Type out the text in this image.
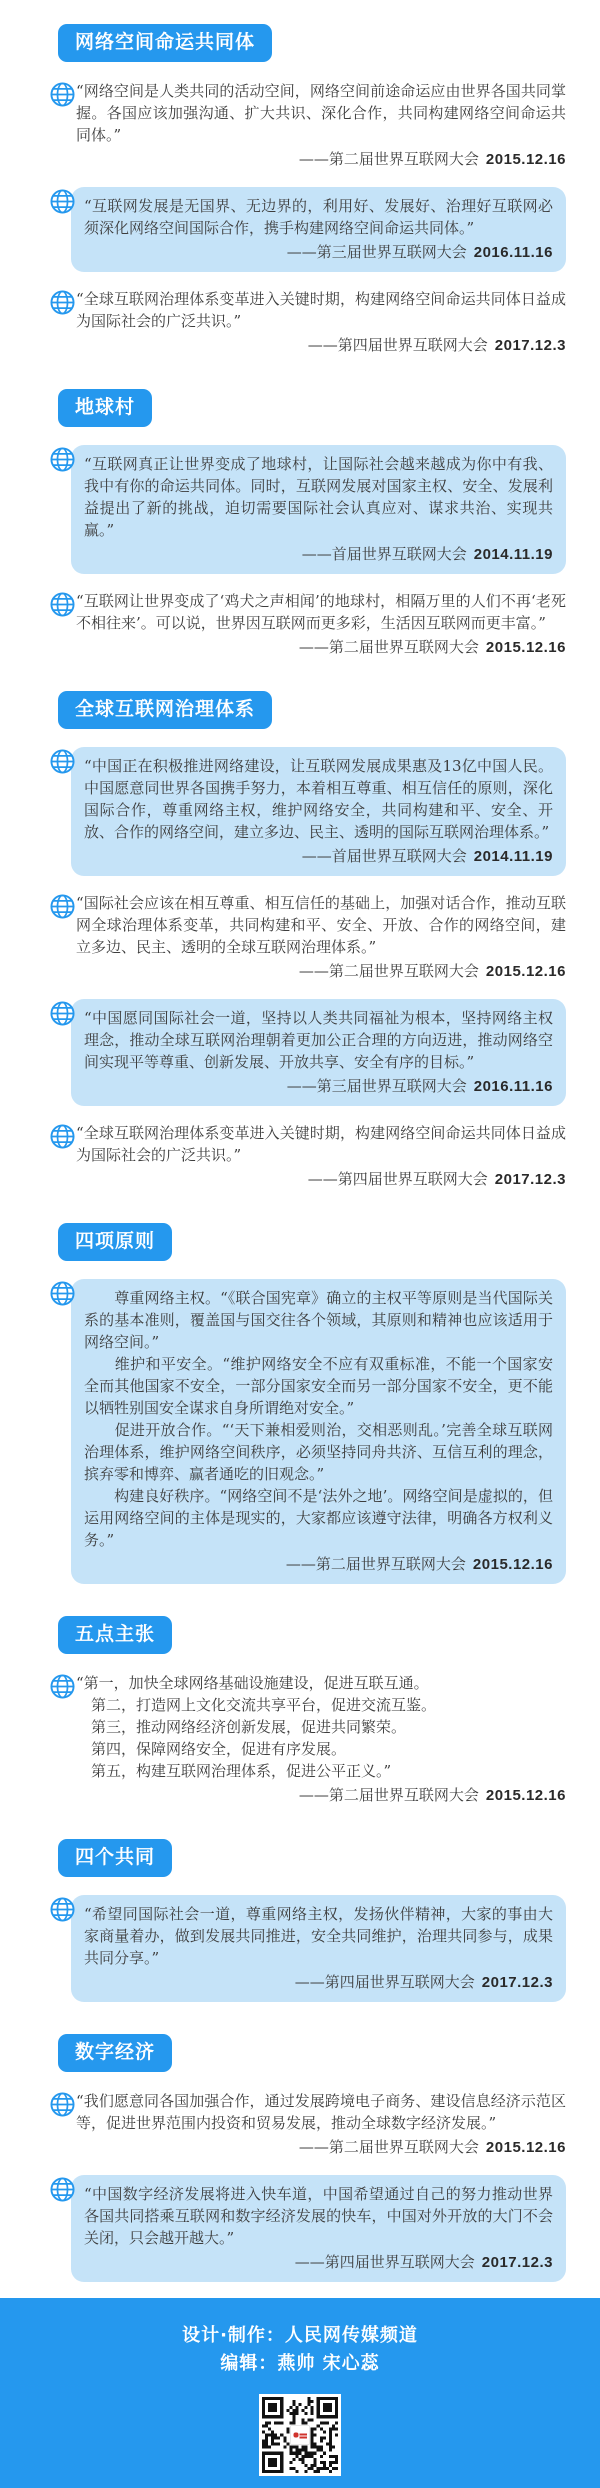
网络空间命运共同体

“网络空间是人类共同的活动空间，网络空间前途命运应由世界各国共同掌握。各国应该加强沟通、扩大共识、深化合作，共同构建网络空间命运共同体。”

——第二届世界互联网大会 2015.12.16

“互联网发展是无国界、无边界的，利用好、发展好、治理好互联网必须深化网络空间国际合作，携手构建网络空间命运共同体。”

——第三届世界互联网大会 2016.11.16

“全球互联网治理体系变革进入关键时期，构建网络空间命运共同体日益成为国际社会的广泛共识。”

——第四届世界互联网大会 2017.12.3
地球村

“互联网真正让世界变成了地球村，让国际社会越来越成为你中有我、我中有你的命运共同体。同时，互联网发展对国家主权、安全、发展利益提出了新的挑战，迫切需要国际社会认真应对、谋求共治、实现共赢。”

——首届世界互联网大会 2014.11.19

“互联网让世界变成了‘鸡犬之声相闻’的地球村，相隔万里的人们不再‘老死不相往来’。可以说，世界因互联网而更多彩，生活因互联网而更丰富。”

——第二届世界互联网大会 2015.12.16
全球互联网治理体系

“中国正在积极推进网络建设，让互联网发展成果惠及13亿中国人民。中国愿意同世界各国携手努力，本着相互尊重、相互信任的原则，深化国际合作，尊重网络主权，维护网络安全，共同构建和平、安全、开放、合作的网络空间，建立多边、民主、透明的国际互联网治理体系。”

——首届世界互联网大会 2014.11.19

“国际社会应该在相互尊重、相互信任的基础上，加强对话合作，推动互联网全球治理体系变革，共同构建和平、安全、开放、合作的网络空间，建立多边、民主、透明的全球互联网治理体系。”

——第二届世界互联网大会 2015.12.16

“中国愿同国际社会一道，坚持以人类共同福祉为根本，坚持网络主权理念，推动全球互联网治理朝着更加公正合理的方向迈进，推动网络空间实现平等尊重、创新发展、开放共享、安全有序的目标。”

——第三届世界互联网大会 2016.11.16

“全球互联网治理体系变革进入关键时期，构建网络空间命运共同体日益成为国际社会的广泛共识。”

——第四届世界互联网大会 2017.12.3
四项原则

　　尊重网络主权。“《联合国宪章》确立的主权平等原则是当代国际关系的基本准则，覆盖国与国交往各个领域，其原则和精神也应该适用于网络空间。”

　　维护和平安全。“维护网络安全不应有双重标准，不能一个国家安全而其他国家不安全，一部分国家安全而另一部分国家不安全，更不能以牺牲别国安全谋求自身所谓绝对安全。”

　　促进开放合作。“‘天下兼相爱则治，交相恶则乱。’完善全球互联网治理体系，维护网络空间秩序，必须坚持同舟共济、互信互利的理念，摈弃零和博弈、赢者通吃的旧观念。”

　　构建良好秩序。“网络空间不是‘法外之地’。网络空间是虚拟的，但运用网络空间的主体是现实的，大家都应该遵守法律，明确各方权利义务。”

——第二届世界互联网大会 2015.12.16
五点主张

“第一，加快全球网络基础设施建设，促进互联互通。

　第二，打造网上文化交流共享平台，促进交流互鉴。

　第三，推动网络经济创新发展，促进共同繁荣。

　第四，保障网络安全，促进有序发展。

　第五，构建互联网治理体系，促进公平正义。”

——第二届世界互联网大会 2015.12.16
四个共同

“希望同国际社会一道，尊重网络主权，发扬伙伴精神，大家的事由大家商量着办，做到发展共同推进，安全共同维护，治理共同参与，成果共同分享。”

——第四届世界互联网大会 2017.12.3
数字经济

“我们愿意同各国加强合作，通过发展跨境电子商务、建设信息经济示范区等，促进世界范围内投资和贸易发展，推动全球数字经济发展。”

——第二届世界互联网大会 2015.12.16

“中国数字经济发展将进入快车道，中国希望通过自己的努力推动世界各国共同搭乘互联网和数字经济发展的快车，中国对外开放的大门不会关闭，只会越开越大。”

——第四届世界互联网大会 2017.12.3
设计·制作：人民网传媒频道
编辑：燕帅 宋心蕊
